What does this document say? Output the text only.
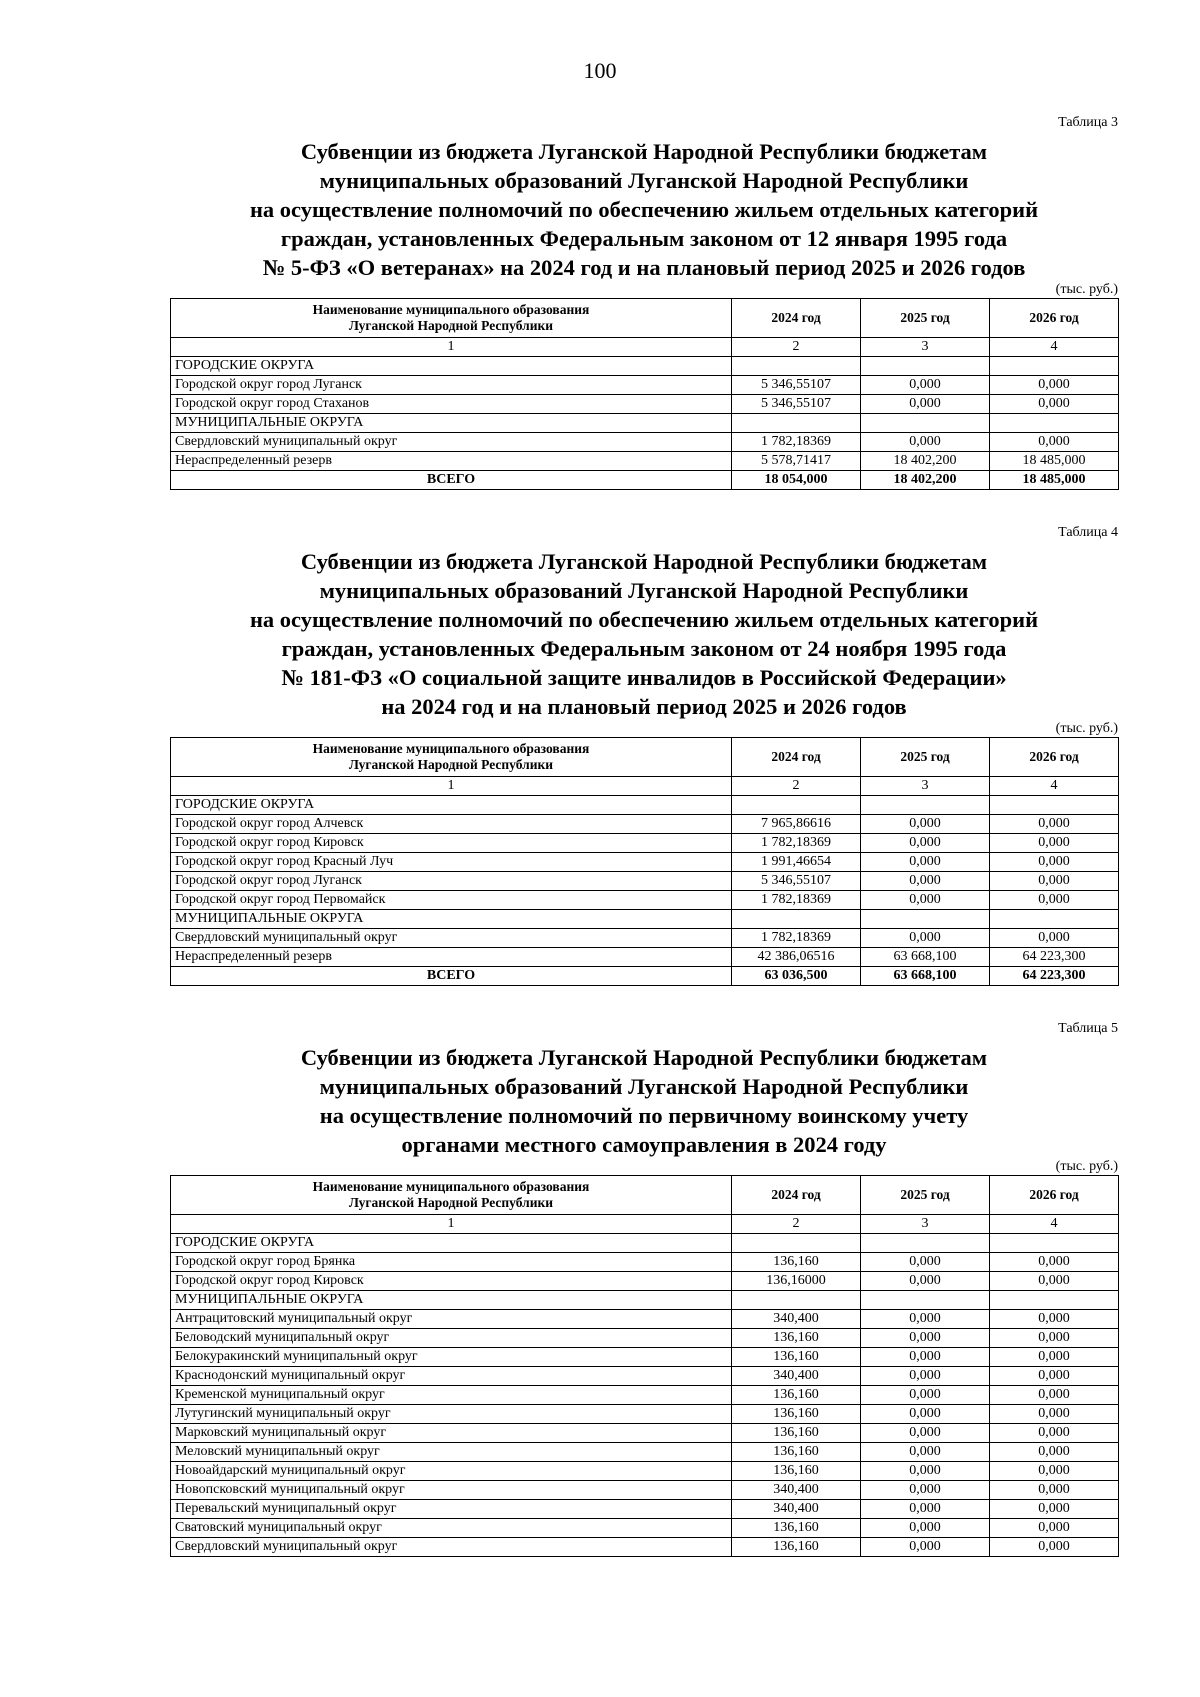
100
Таблица 3
Субвенции из бюджета Луганской Народной Республики бюджетам
муниципальных образований Луганской Народной Республики
на осуществление полномочий по обеспечению жильем отдельных категорий
граждан, установленных Федеральным законом от 12 января 1995 года
№ 5-ФЗ «О ветеранах» на 2024 год и на плановый период 2025 и 2026 годов
(тыс. руб.)
Наименование муниципального образования
Луганской Народной Республики	2024 год	2025 год	2026 год
1	2	3	4
ГОРОДСКИЕ ОКРУГА			
Городской округ город Луганск	5 346,55107	0,000	0,000
Городской округ город Стаханов	5 346,55107	0,000	0,000
МУНИЦИПАЛЬНЫЕ ОКРУГА			
Свердловский муниципальный округ	1 782,18369	0,000	0,000
Нераспределенный резерв	5 578,71417	18 402,200	18 485,000
ВСЕГО	18 054,000	18 402,200	18 485,000
Таблица 4
Субвенции из бюджета Луганской Народной Республики бюджетам
муниципальных образований Луганской Народной Республики
на осуществление полномочий по обеспечению жильем отдельных категорий
граждан, установленных Федеральным законом от 24 ноября 1995 года
№ 181-ФЗ «О социальной защите инвалидов в Российской Федерации»
на 2024 год и на плановый период 2025 и 2026 годов
(тыс. руб.)
Наименование муниципального образования
Луганской Народной Республики	2024 год	2025 год	2026 год
1	2	3	4
ГОРОДСКИЕ ОКРУГА			
Городской округ город Алчевск	7 965,86616	0,000	0,000
Городской округ город Кировск	1 782,18369	0,000	0,000
Городской округ город Красный Луч	1 991,46654	0,000	0,000
Городской округ город Луганск	5 346,55107	0,000	0,000
Городской округ город Первомайск	1 782,18369	0,000	0,000
МУНИЦИПАЛЬНЫЕ ОКРУГА			
Свердловский муниципальный округ	1 782,18369	0,000	0,000
Нераспределенный резерв	42 386,06516	63 668,100	64 223,300
ВСЕГО	63 036,500	63 668,100	64 223,300
Таблица 5
Субвенции из бюджета Луганской Народной Республики бюджетам
муниципальных образований Луганской Народной Республики
на осуществление полномочий по первичному воинскому учету
органами местного самоуправления в 2024 году
(тыс. руб.)
Наименование муниципального образования
Луганской Народной Республики	2024 год	2025 год	2026 год
1	2	3	4
ГОРОДСКИЕ ОКРУГА			
Городской округ город Брянка	136,160	0,000	0,000
Городской округ город Кировск	136,16000	0,000	0,000
МУНИЦИПАЛЬНЫЕ ОКРУГА			
Антрацитовский муниципальный округ	340,400	0,000	0,000
Беловодский муниципальный округ	136,160	0,000	0,000
Белокуракинский муниципальный округ	136,160	0,000	0,000
Краснодонский муниципальный округ	340,400	0,000	0,000
Кременской муниципальный округ	136,160	0,000	0,000
Лутугинский муниципальный округ	136,160	0,000	0,000
Марковский муниципальный округ	136,160	0,000	0,000
Меловский муниципальный округ	136,160	0,000	0,000
Новоайдарский муниципальный округ	136,160	0,000	0,000
Новопсковский муниципальный округ	340,400	0,000	0,000
Перевальский муниципальный округ	340,400	0,000	0,000
Сватовский муниципальный округ	136,160	0,000	0,000
Свердловский муниципальный округ	136,160	0,000	0,000
